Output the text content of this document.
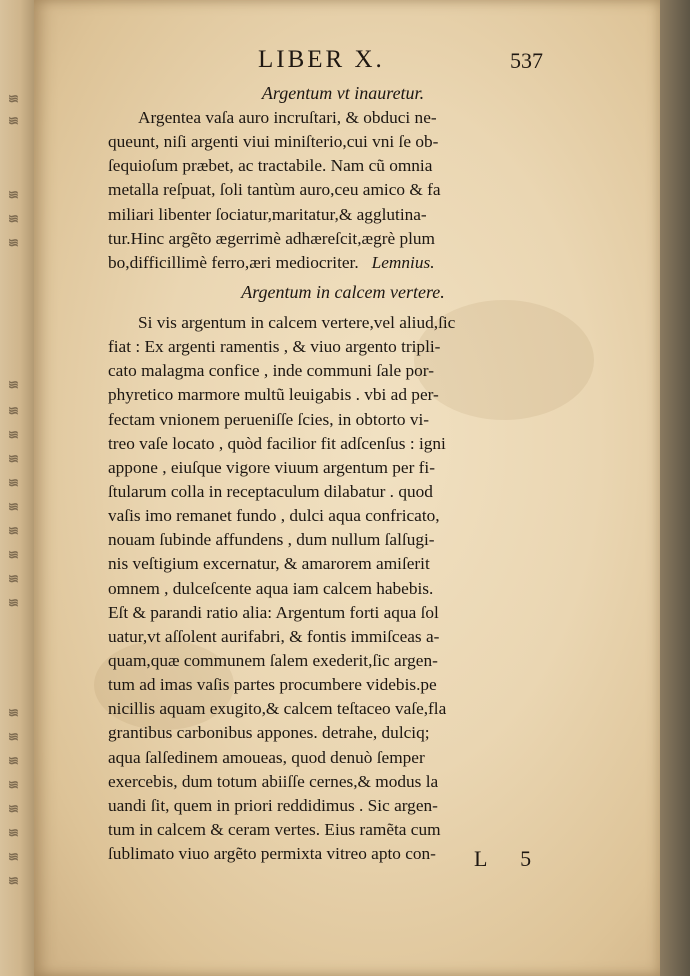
≋
≋
≋
≋
≋
≋
≋
≋
≋
≋
≋
≋
≋
≋
≋
≋
≋
≋
≋
≋
≋
≋
≋
LIBER X.	537
Argentum vt inauretur.
Argentea vaſa auro incruſtari, & obduci ne-
queunt, niſi argenti viui miniſterio,cui vni ſe ob-
ſequioſum præbet, ac tractabile. Nam cũ omnia
metalla reſpuat, ſoli tantùm auro,ceu amico & fa
miliari libenter ſociatur,maritatur,& agglutina-
tur.Hinc argẽto ægerrimè adhæreſcit,ægrè plum
bo,difficillimè ferro,æri mediocriter. Lemnius.
Argentum in calcem vertere.
Si vis argentum in calcem vertere,vel aliud,ſic
fiat : Ex argenti ramentis , & viuo argento tripli-
cato malagma confice , inde communi ſale por-
phyretico marmore multũ leuigabis . vbi ad per-
fectam vnionem perueniſſe ſcies, in obtorto vi-
treo vaſe locato , quòd facilior fit adſcenſus : igni
appone , eiuſque vigore viuum argentum per fi-
ſtularum colla in receptaculum dilabatur . quod
vaſis imo remanet fundo , dulci aqua confricato,
nouam ſubinde affundens , dum nullum ſalſugi-
nis veſtigium excernatur, & amarorem amiſerit
omnem , dulceſcente aqua iam calcem habebis.
Eſt & parandi ratio alia: Argentum forti aqua ſol
uatur,vt aſſolent aurifabri, & fontis immiſceas a-
quam,quæ communem ſalem exederit,ſic argen-
tum ad imas vaſis partes procumbere videbis.pe
nicillis aquam exugito,& calcem teſtaceo vaſe,fla
grantibus carbonibus appones. detrahe, dulciq;
aqua ſalſedinem amoueas, quod denuò ſemper
exercebis, dum totum abiiſſe cernes,& modus la
uandi ſit, quem in priori reddidimus . Sic argen-
tum in calcem & ceram vertes. Eius ramẽta cum
ſublimato viuo argẽto permixta vitreo apto con-	L 5
